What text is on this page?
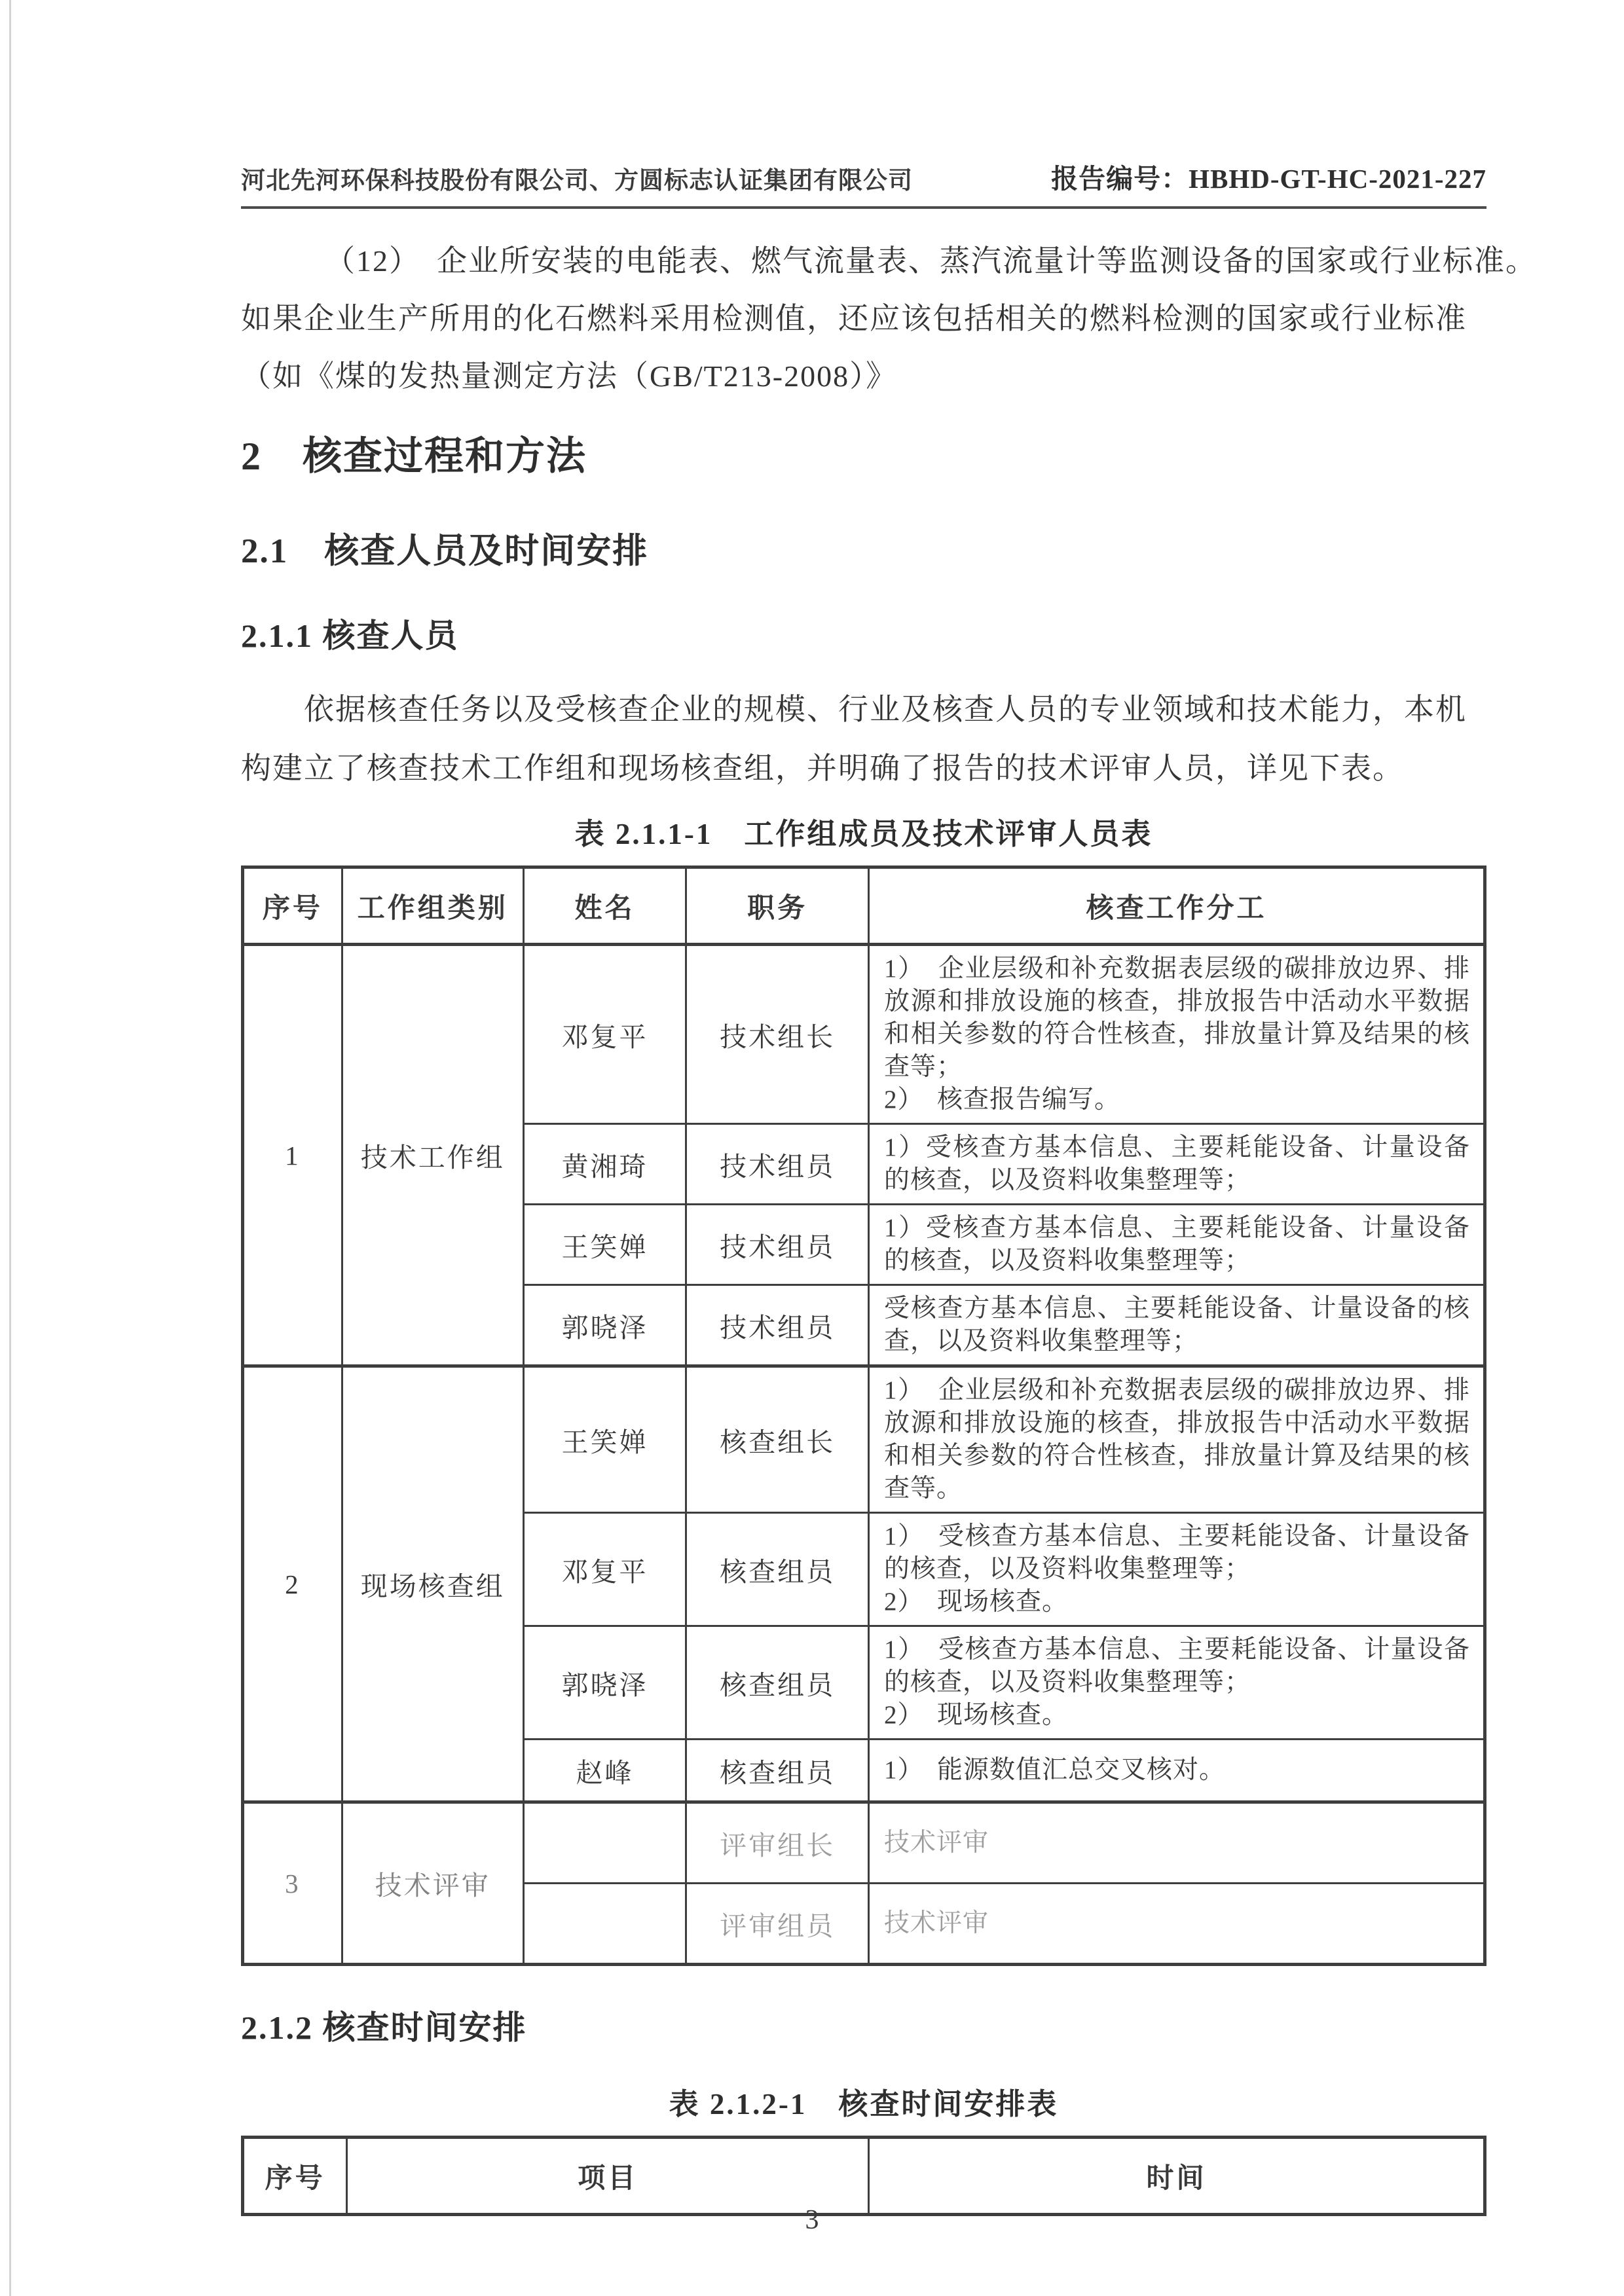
河北先河环保科技股份有限公司、方圆标志认证集团有限公司	报告编号：HBHD-GT-HC-2021-227
（12）　企业所安装的电能表、燃气流量表、蒸汽流量计等监测设备的国家或行业标准。
如果企业生产所用的化石燃料采用检测值，还应该包括相关的燃料检测的国家或行业标准
（如《煤的发热量测定方法（GB/T213-2008）》
2　核查过程和方法
2.1　核查人员及时间安排
2.1.1 核查人员
依据核查任务以及受核查企业的规模、行业及核查人员的专业领域和技术能力，本机
构建立了核查技术工作组和现场核查组，并明确了报告的技术评审人员，详见下表。
表 2.1.1-1　工作组成员及技术评审人员表
序号	工作组类别	姓名	职务	核查工作分工
1	技术工作组	邓复平	技术组长	1）　企业层级和补充数据表层级的碳排放边界、排放源和排放设施的核查，排放报告中活动水平数据和相关参数的符合性核查，排放量计算及结果的核查等；
2）　核查报告编写。

		黄湘琦	技术组员	1）受核查方基本信息、主要耗能设备、计量设备的核查，以及资料收集整理等；

		王笑婵	技术组员	1）受核查方基本信息、主要耗能设备、计量设备的核查，以及资料收集整理等；

		郭晓泽	技术组员	受核查方基本信息、主要耗能设备、计量设备的核查，以及资料收集整理等；

2	现场核查组	王笑婵	核查组长	1）　企业层级和补充数据表层级的碳排放边界、排放源和排放设施的核查，排放报告中活动水平数据和相关参数的符合性核查，排放量计算及结果的核查等。

		邓复平	核查组员	1）　受核查方基本信息、主要耗能设备、计量设备的核查，以及资料收集整理等；
2）　现场核查。

		郭晓泽	核查组员	1）　受核查方基本信息、主要耗能设备、计量设备的核查，以及资料收集整理等；
2）　现场核查。

		赵峰	核查组员	1）　能源数值汇总交叉核对。

3	技术评审		评审组长	技术评审

			评审组员	技术评审
2.1.2 核查时间安排
表 2.1.2-1　核查时间安排表
序号	项目	时间
3
